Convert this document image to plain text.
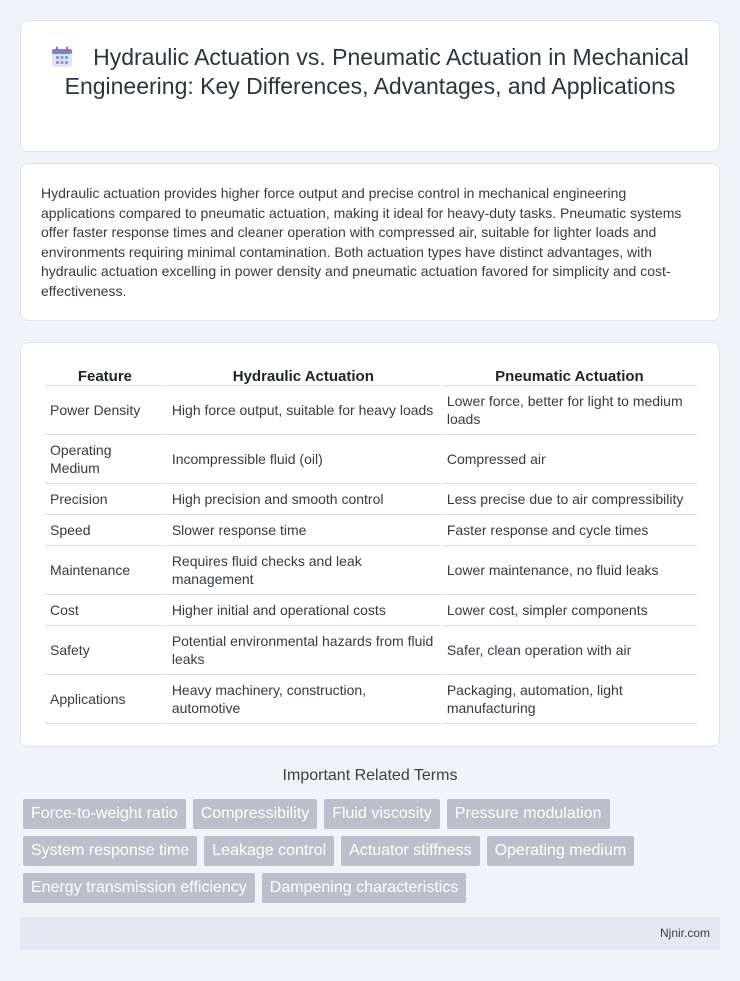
Hydraulic Actuation vs. Pneumatic Actuation in Mechanical Engineering: Key Differences, Advantages, and Applications

Hydraulic actuation provides higher force output and precise control in mechanical engineering applications compared to pneumatic actuation, making it ideal for heavy-duty tasks. Pneumatic systems offer faster response times and cleaner operation with compressed air, suitable for lighter loads and environments requiring minimal contamination. Both actuation types have distinct advantages, with hydraulic actuation excelling in power density and pneumatic actuation favored for simplicity and cost-effectiveness.

Feature	Hydraulic Actuation	Pneumatic Actuation
Power Density	High force output, suitable for heavy loads	Lower force, better for light to medium loads
Operating Medium	Incompressible fluid (oil)	Compressed air
Precision	High precision and smooth control	Less precise due to air compressibility
Speed	Slower response time	Faster response and cycle times
Maintenance	Requires fluid checks and leak management	Lower maintenance, no fluid leaks
Cost	Higher initial and operational costs	Lower cost, simpler components
Safety	Potential environmental hazards from fluid leaks	Safer, clean operation with air
Applications	Heavy machinery, construction, automotive	Packaging, automation, light manufacturing
Important Related Terms
Force-to-weight ratio	Compressibility	Fluid viscosity	Pressure modulation
System response time	Leakage control	Actuator stiffness	Operating medium
Energy transmission efficiency	Dampening characteristics
Njnir.com
